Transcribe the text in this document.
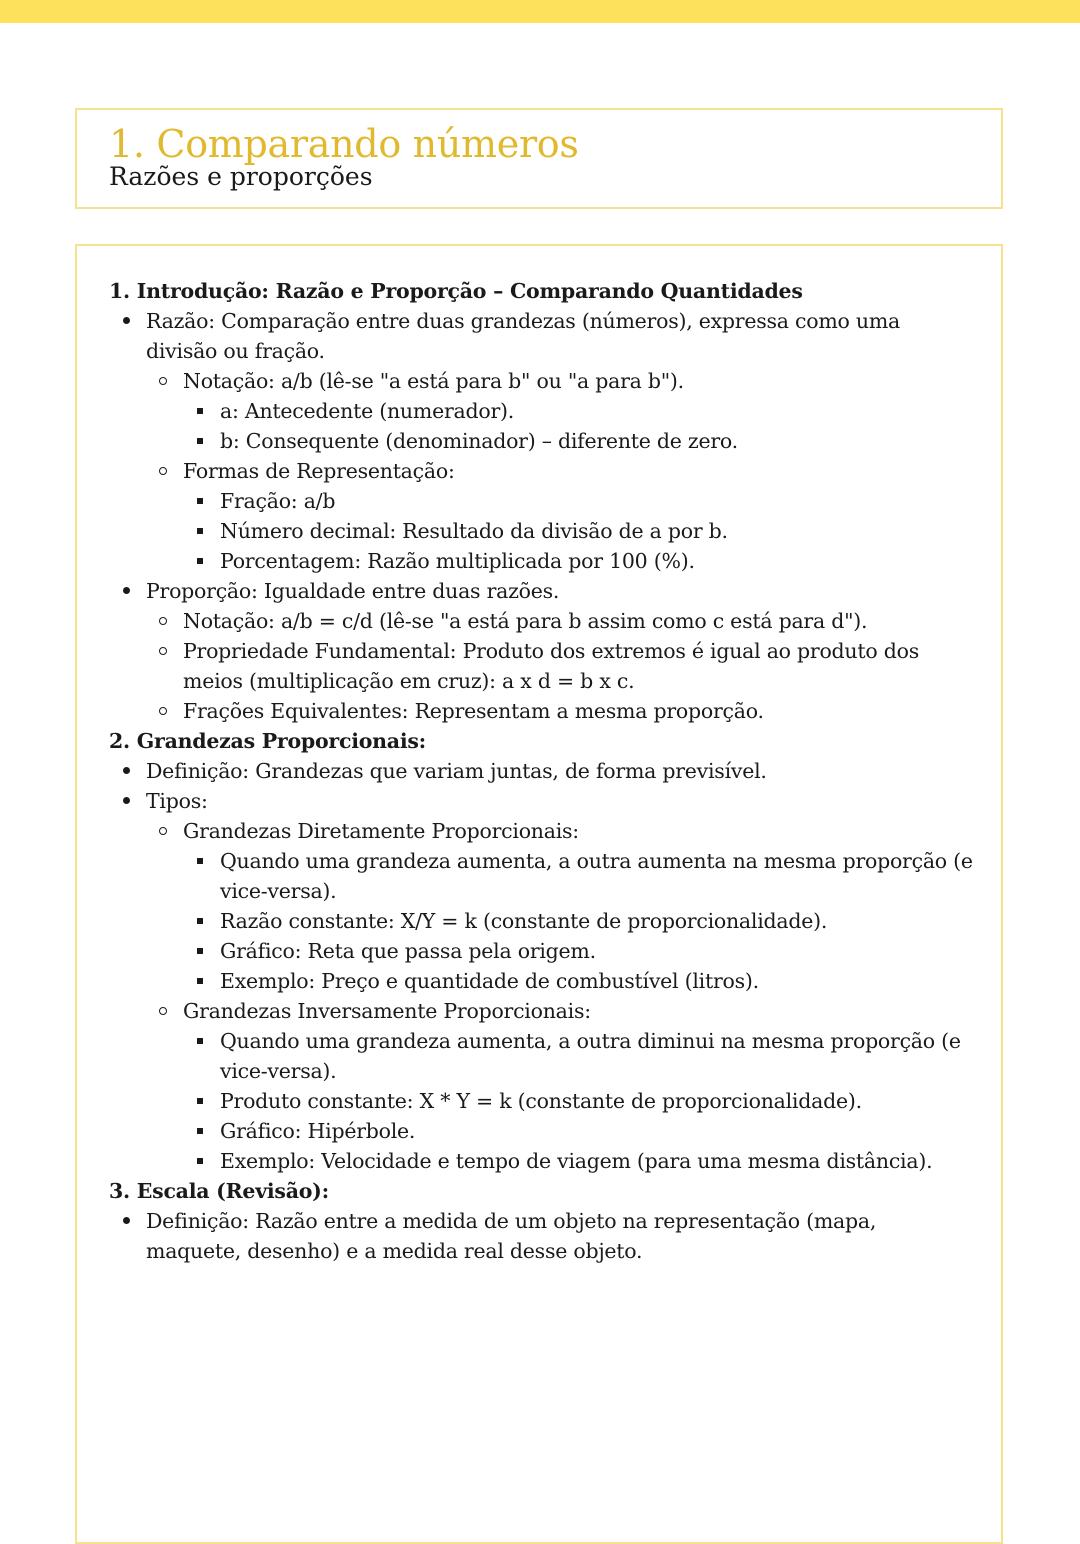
1. Comparando números
Razões e proporções
1. Introdução: Razão e Proporção – Comparando Quantidades
Razão: Comparação entre duas grandezas (números), expressa como uma divisão ou fração.
Notação: a/b (lê-se "a está para b" ou "a para b").
a: Antecedente (numerador).
b: Consequente (denominador) – diferente de zero.
Formas de Representação:
Fração: a/b
Número decimal: Resultado da divisão de a por b.
Porcentagem: Razão multiplicada por 100 (%).
Proporção: Igualdade entre duas razões.
Notação: a/b = c/d (lê-se "a está para b assim como c está para d").
Propriedade Fundamental: Produto dos extremos é igual ao produto dos meios (multiplicação em cruz): a x d = b x c.
Frações Equivalentes: Representam a mesma proporção.
2. Grandezas Proporcionais:
Definição: Grandezas que variam juntas, de forma previsível.
Tipos:
Grandezas Diretamente Proporcionais:
Quando uma grandeza aumenta, a outra aumenta na mesma proporção (e vice-versa).
Razão constante: X/Y = k (constante de proporcionalidade).
Gráfico: Reta que passa pela origem.
Exemplo: Preço e quantidade de combustível (litros).
Grandezas Inversamente Proporcionais:
Quando uma grandeza aumenta, a outra diminui na mesma proporção (e vice-versa).
Produto constante: X * Y = k (constante de proporcionalidade).
Gráfico: Hipérbole.
Exemplo: Velocidade e tempo de viagem (para uma mesma distância).
3. Escala (Revisão):
Definição: Razão entre a medida de um objeto na representação (mapa, maquete, desenho) e a medida real desse objeto.
